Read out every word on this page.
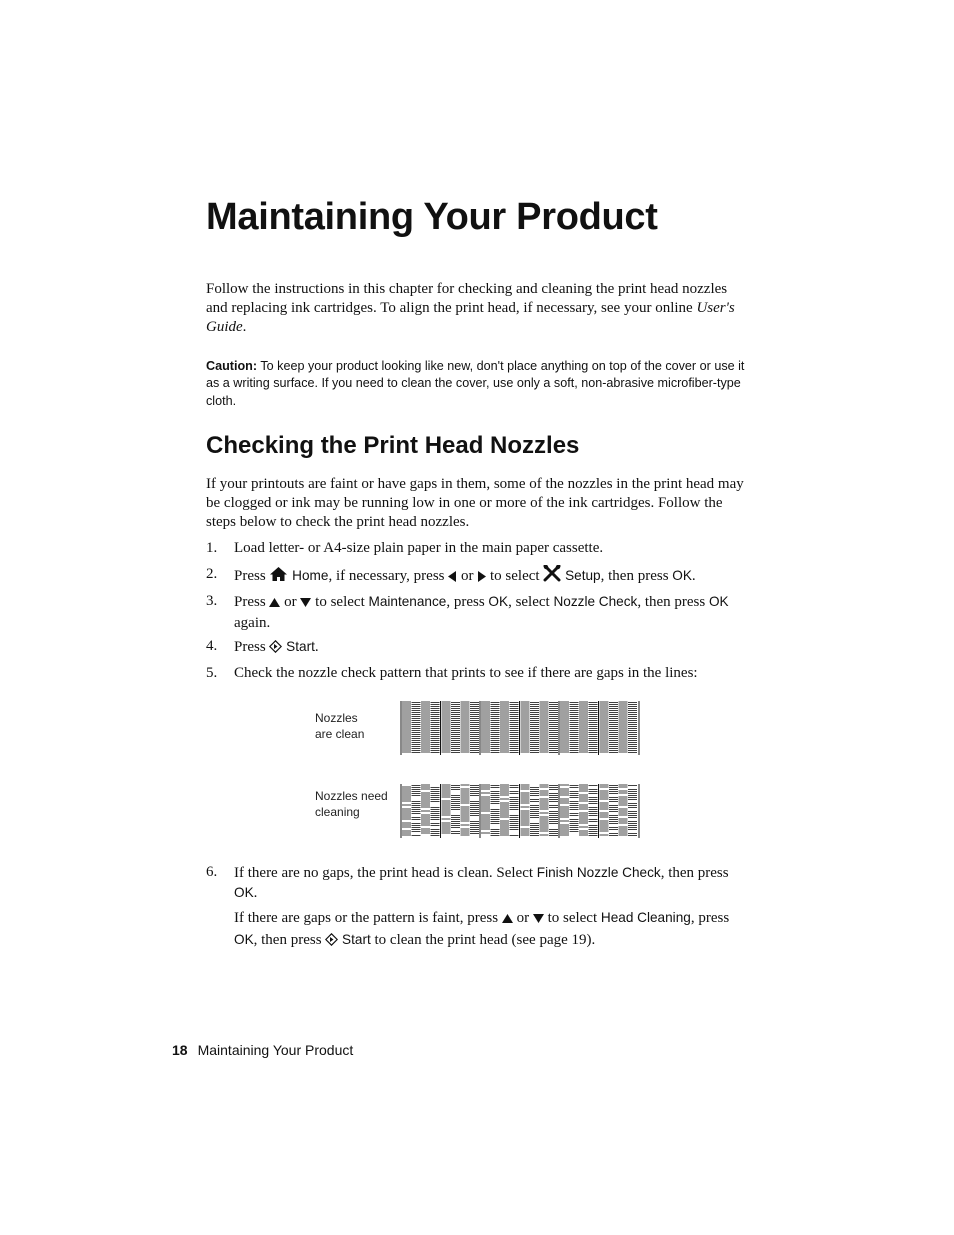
Maintaining Your Product

Follow the instructions in this chapter for checking and cleaning the print head nozzles and replacing ink cartridges. To align the print head, if necessary, see your online User's Guide.

Caution: To keep your product looking like new, don't place anything on top of the cover or use it as a writing surface. If you need to clean the cover, use only a soft, non-abrasive microfiber-type cloth.

Checking the Print Head Nozzles

If your printouts are faint or have gaps in them, some of the nozzles in the print head may be clogged or ink may be running low in one or more of the ink cartridges. Follow the steps below to check the print head nozzles.

1. Load letter- or A4-size plain paper in the main paper cassette.
2. Press  Home, if necessary, press  or  to select  Setup, then press OK.
3. Press  or  to select Maintenance, press OK, select Nozzle Check, then press OK again.
4. Press  Start.
5. Check the nozzle check pattern that prints to see if there are gaps in the lines:
Nozzles
are clean
Nozzles need
cleaning
6. If there are no gaps, the print head is clean. Select Finish Nozzle Check, then press OK.
If there are gaps or the pattern is faint, press  or  to select Head Cleaning, press OK, then press  Start to clean the print head (see page 19).
18 Maintaining Your Product
